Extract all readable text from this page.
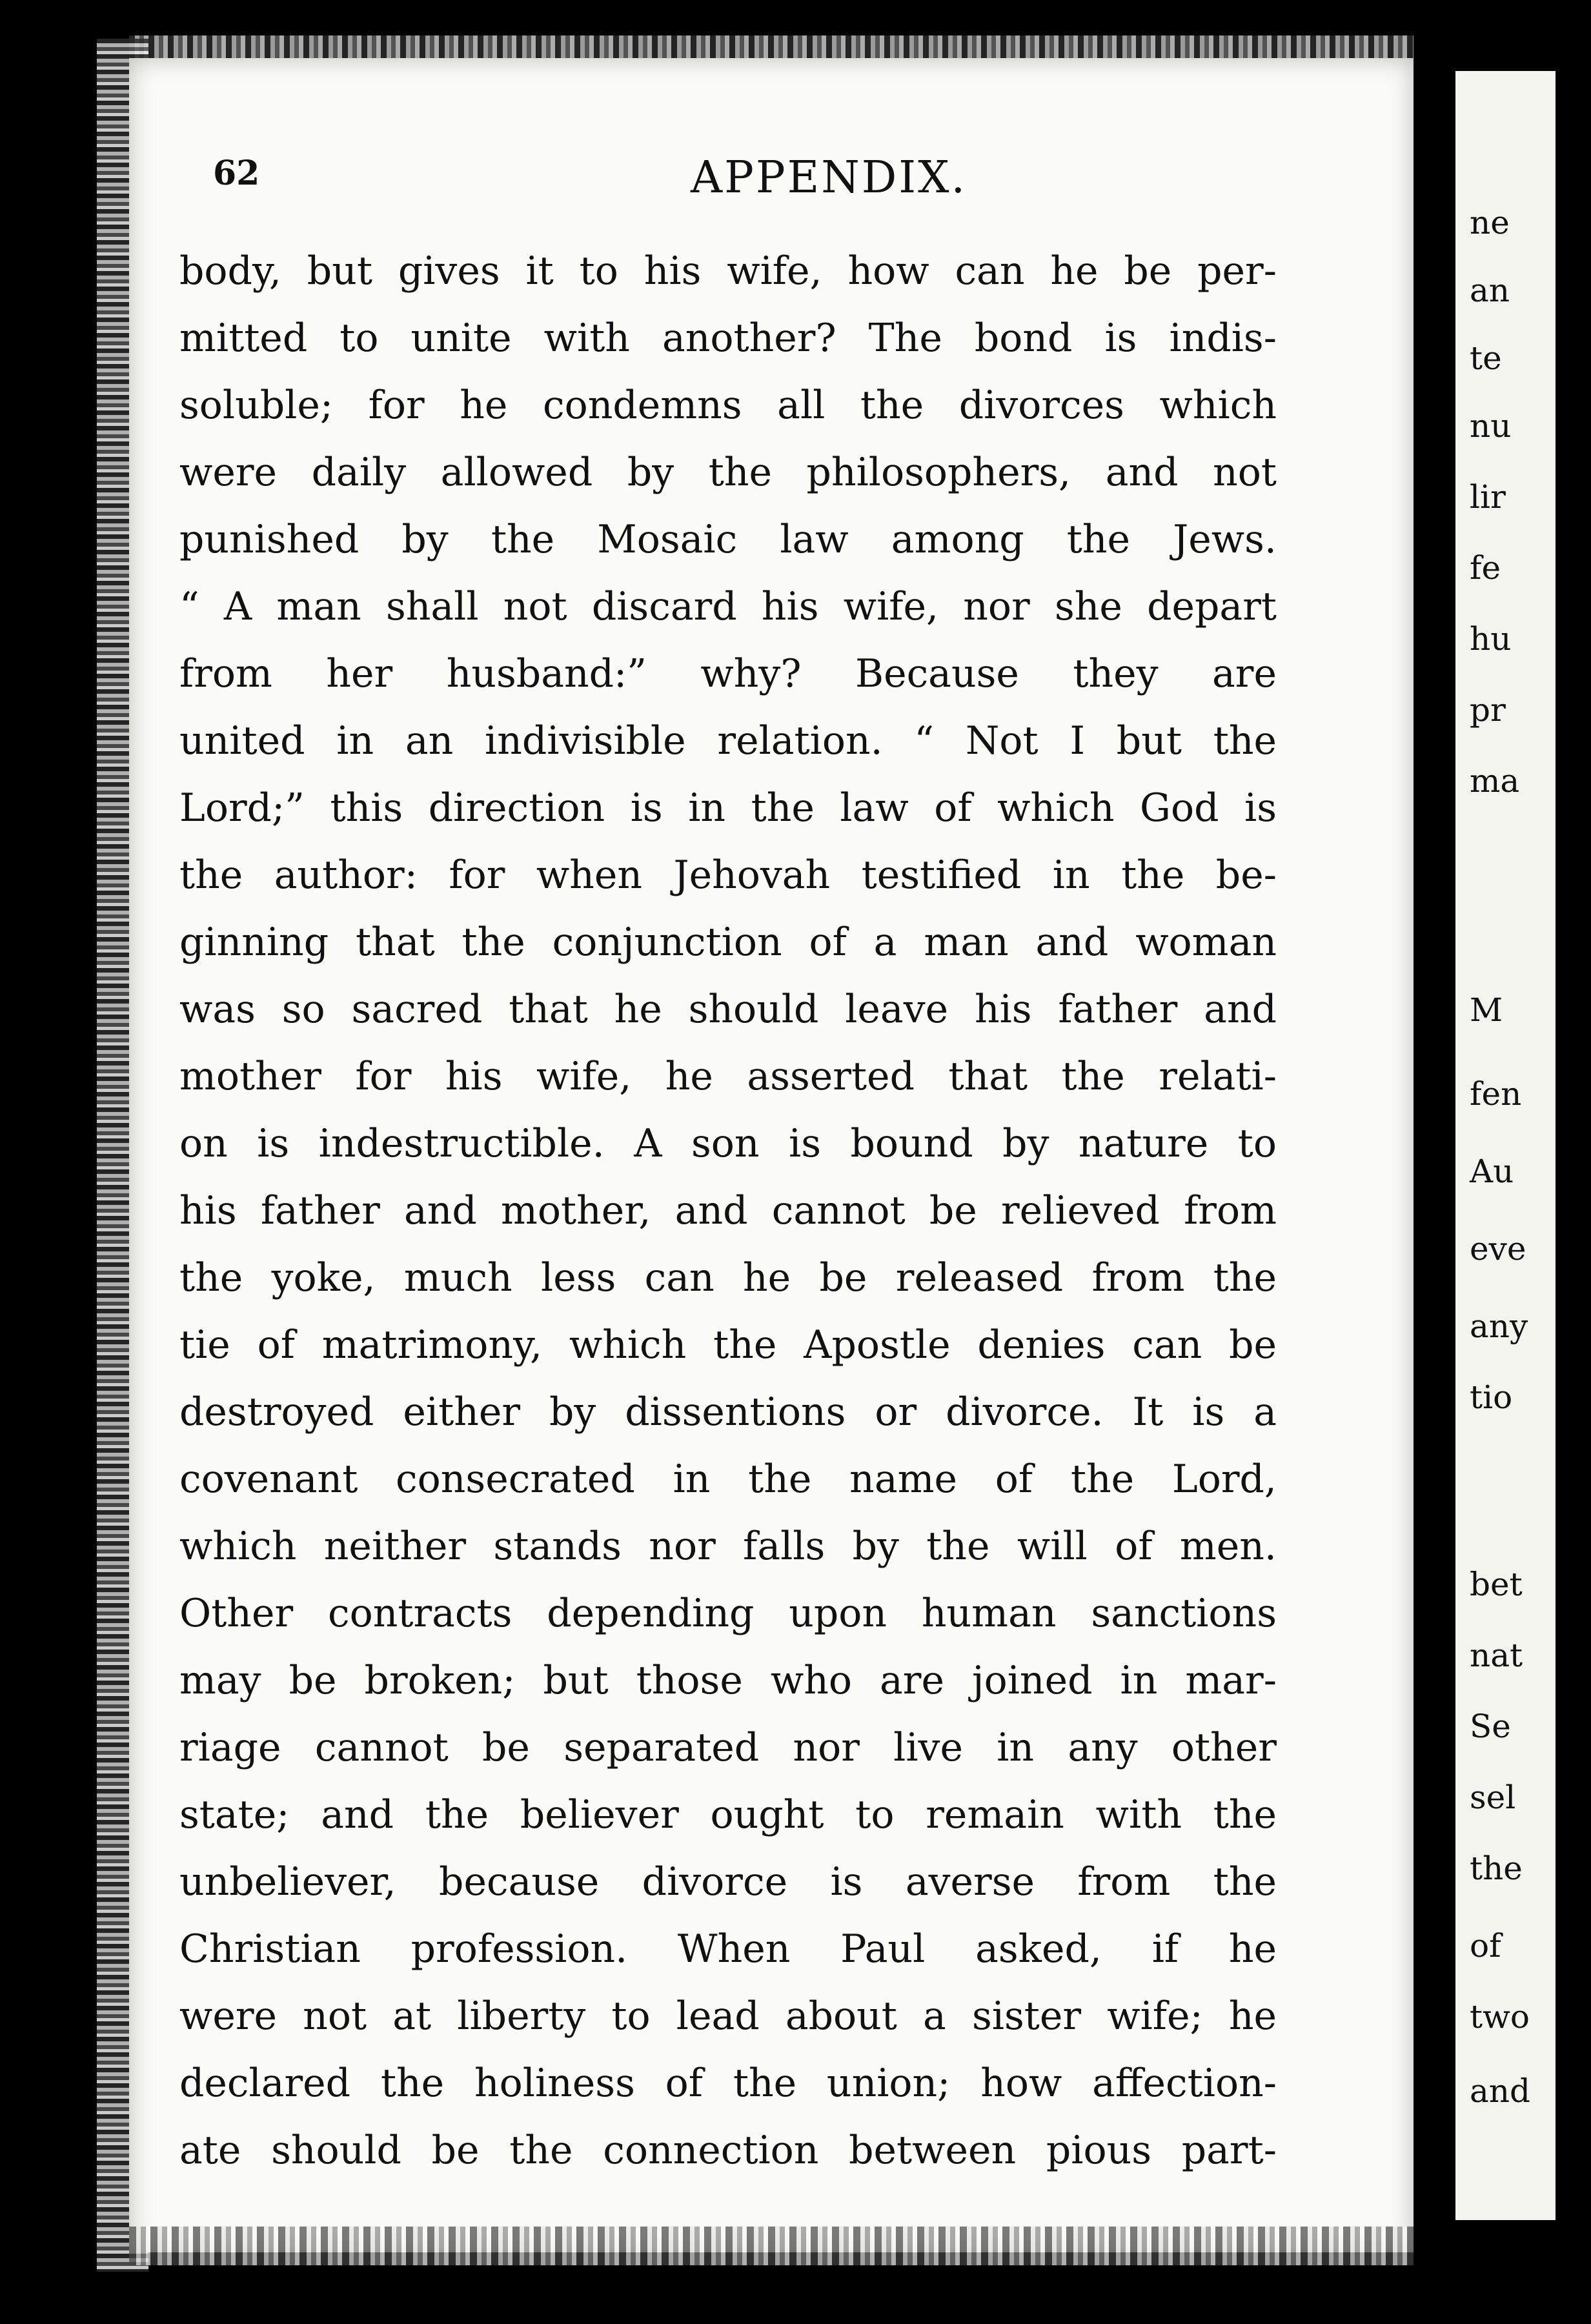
62	APPENDIX.
body, but gives it to his wife, how can he be per-
mitted to unite with another? The bond is indis-
soluble; for he condemns all the divorces which
were daily allowed by the philosophers, and not
punished by the Mosaic law among the Jews.
“ A man shall not discard his wife, nor she depart
from her husband:” why? Because they are
united in an indivisible relation. “ Not I but the
Lord;” this direction is in the law of which God is
the author: for when Jehovah testified in the be-
ginning that the conjunction of a man and woman
was so sacred that he should leave his father and
mother for his wife, he asserted that the relati-
on is indestructible. A son is bound by nature to
his father and mother, and cannot be relieved from
the yoke, much less can he be released from the
tie of matrimony, which the Apostle denies can be
destroyed either by dissentions or divorce. It is a
covenant consecrated in the name of the Lord,
which neither stands nor falls by the will of men.
Other contracts depending upon human sanctions
may be broken; but those who are joined in mar-
riage cannot be separated nor live in any other
state; and the believer ought to remain with the
unbeliever, because divorce is averse from the
Christian profession. When Paul asked, if he
were not at liberty to lead about a sister wife; he
declared the holiness of the union; how affection-
ate should be the connection between pious part-
ne
an
te
nu
lir
fe
hu
pr
ma
M
fen
Au
eve
any
tio
bet
nat
Se
sel
the
of
two
and
